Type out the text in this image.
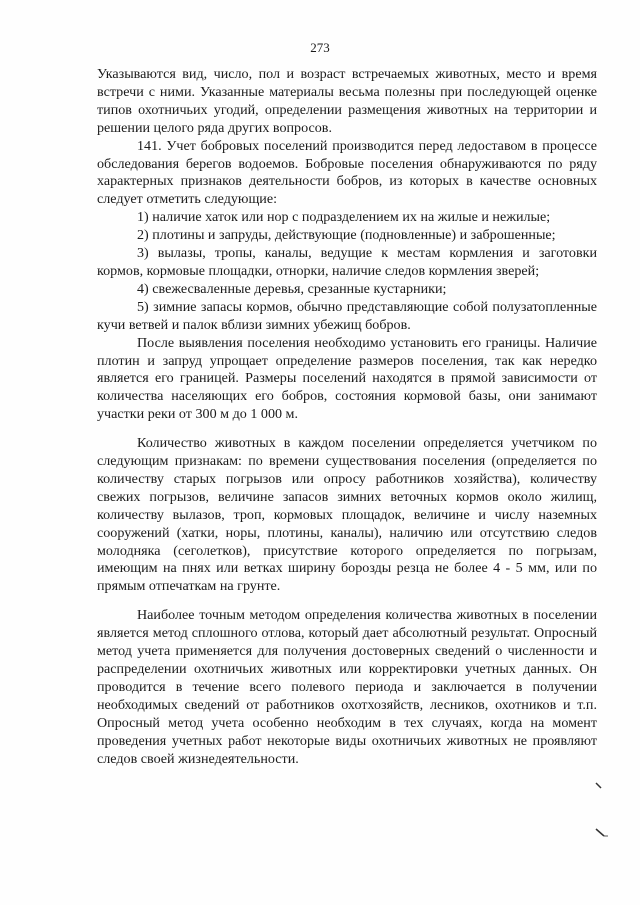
273

Указываются вид, число, пол и возраст встречаемых животных, место и время встречи с ними. Указанные материалы весьма полезны при последующей оценке типов охотничьих угодий, определении размещения животных на территории и решении целого ряда других вопросов.

141. Учет бобровых поселений производится перед ледоставом в процессе обследования берегов водоемов. Бобровые поселения обнаруживаются по ряду характерных признаков деятельности бобров, из которых в качестве основных следует отметить следующие:

1) наличие хаток или нор с подразделением их на жилые и нежилые;

2) плотины и запруды, действующие (подновленные) и заброшенные;

3) вылазы, тропы, каналы, ведущие к местам кормления и заготовки кормов, кормовые площадки, отнорки, наличие следов кормления зверей;

4) свежесваленные деревья, срезанные кустарники;

5) зимние запасы кормов, обычно представляющие собой полузатопленные кучи ветвей и палок вблизи зимних убежищ бобров.

После выявления поселения необходимо установить его границы. Наличие плотин и запруд упрощает определение размеров поселения, так как нередко является его границей. Размеры поселений находятся в прямой зависимости от количества населяющих его бобров, состояния кормовой базы, они занимают участки реки от 300 м до 1 000 м.

Количество животных в каждом поселении определяется учетчиком по следующим признакам: по времени существования поселения (определяется по количеству старых погрызов или опросу работников хозяйства), количеству свежих погрызов, величине запасов зимних веточных кормов около жилищ, количеству вылазов, троп, кормовых площадок, величине и числу наземных сооружений (хатки, норы, плотины, каналы), наличию или отсутствию следов молодняка (сеголетков), присутствие которого определяется по погрызам, имеющим на пнях или ветках ширину борозды резца не более 4 - 5 мм, или по прямым отпечаткам на грунте.

Наиболее точным методом определения количества животных в поселении является метод сплошного отлова, который дает абсолютный результат. Опросный метод учета применяется для получения достоверных сведений о численности и распределении охотничьих животных или корректировки учетных данных. Он проводится в течение всего полевого периода и заключается в получении необходимых сведений от работников охотхозяйств, лесников, охотников и т.п. Опросный метод учета особенно необходим в тех случаях, когда на момент проведения учетных работ некоторые виды охотничьих животных не проявляют следов своей жизнедеятельности.
